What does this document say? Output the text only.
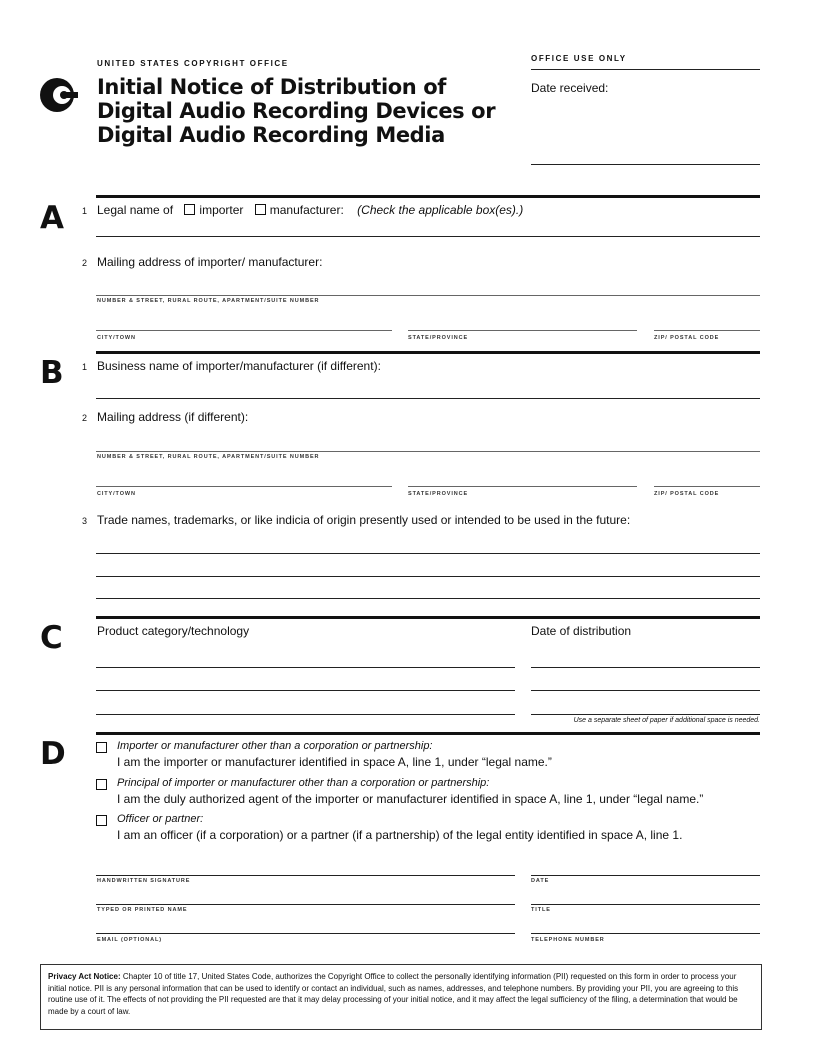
UNITED STATES COPYRIGHT OFFICE
Initial Notice of Distribution of
Digital Audio Recording Devices or
Digital Audio Recording Media
OFFICE USE ONLY
Date received:
A 1 Legal name of importer manufacturer: (Check the applicable box(es).)
2 Mailing address of importer/ manufacturer:
NUMBER & STREET, RURAL ROUTE, APARTMENT/SUITE NUMBER
CITY/TOWN	STATE/PROVINCE	ZIP/ POSTAL CODE
B 1 Business name of importer/manufacturer (if different):
2 Mailing address (if different):
NUMBER & STREET, RURAL ROUTE, APARTMENT/SUITE NUMBER
CITY/TOWN	STATE/PROVINCE	ZIP/ POSTAL CODE
3 Trade names, trademarks, or like indicia of origin presently used or intended to be used in the future:
C	Product category/technology	Date of distribution
Use a separate sheet of paper if additional space is needed.
D	Importer or manufacturer other than a corporation or partnership:
I am the importer or manufacturer identified in space A, line 1, under “legal name.”
Principal of importer or manufacturer other than a corporation or partnership:
I am the duly authorized agent of the importer or manufacturer identified in space A, line 1, under “legal name.”
Officer or partner:
I am an officer (if a corporation) or a partner (if a partnership) of the legal entity identified in space A, line 1.
HANDWRITTEN SIGNATURE	DATE
TYPED OR PRINTED NAME	TITLE
EMAIL (OPTIONAL)	TELEPHONE NUMBER
Privacy Act Notice: Chapter 10 of title 17, United States Code, authorizes the Copyright Office to collect the personally identifying information (PII) requested on this form in order to process your initial notice. PII is any personal information that can be used to identify or contact an individual, such as names, addresses, and telephone numbers. By providing your PII, you are agreeing to this routine use of it. The effects of not providing the PII requested are that it may delay processing of your initial notice, and it may affect the legal sufficiency of the filing, a determination that would be made by a court of law.
